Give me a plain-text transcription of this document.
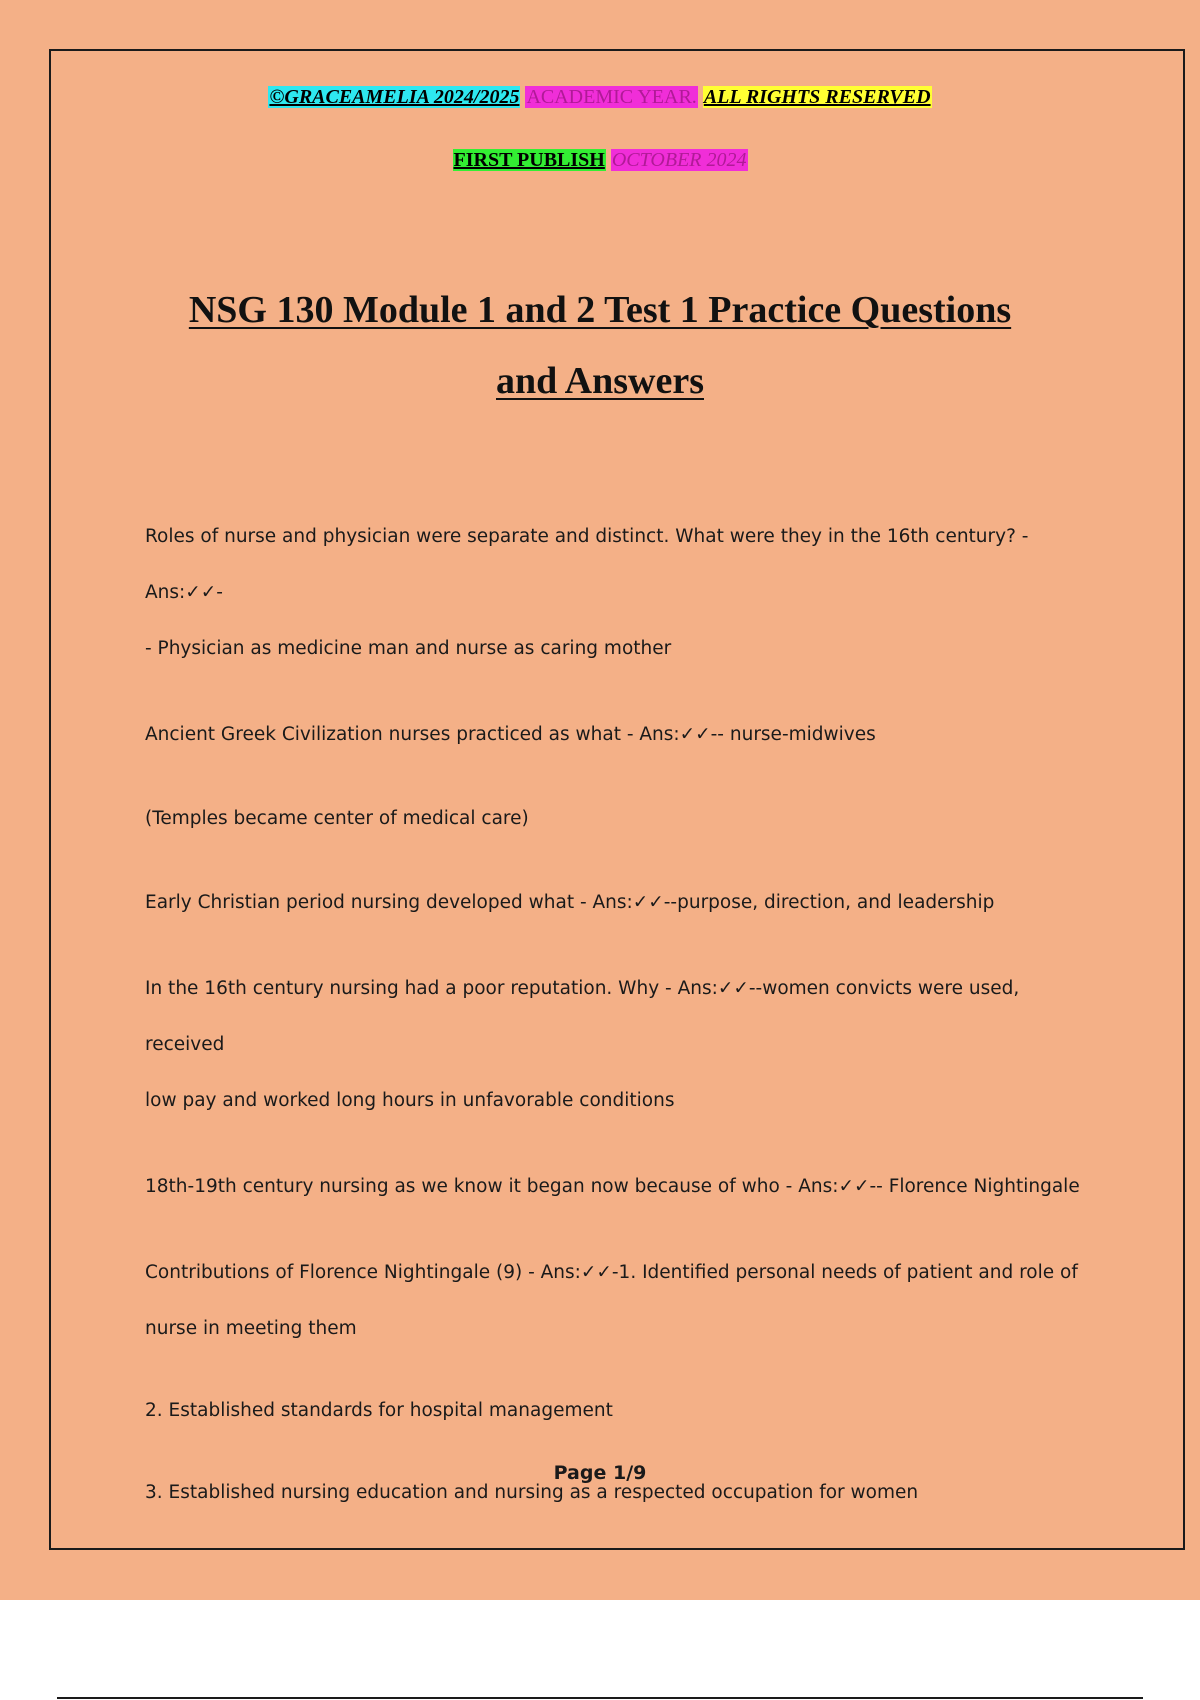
©GRACEAMELIA 2024/2025 ACADEMIC YEAR. ALL RIGHTS RESERVED
FIRST PUBLISH OCTOBER 2024
NSG 130 Module 1 and 2 Test 1 Practice Questions
and Answers
Roles of nurse and physician were separate and distinct. What were they in the 16th century? - Ans:✓✓-
- Physician as medicine man and nurse as caring mother
Ancient Greek Civilization nurses practiced as what - Ans:✓✓-- nurse-midwives
(Temples became center of medical care)
Early Christian period nursing developed what - Ans:✓✓--purpose, direction, and leadership
In the 16th century nursing had a poor reputation. Why - Ans:✓✓--women convicts were used, received
low pay and worked long hours in unfavorable conditions
18th-19th century nursing as we know it began now because of who - Ans:✓✓-- Florence Nightingale
Contributions of Florence Nightingale (9) - Ans:✓✓-1. Identified personal needs of patient and role of
nurse in meeting them
2. Established standards for hospital management
3. Established nursing education and nursing as a respected occupation for women
Page 1/9
